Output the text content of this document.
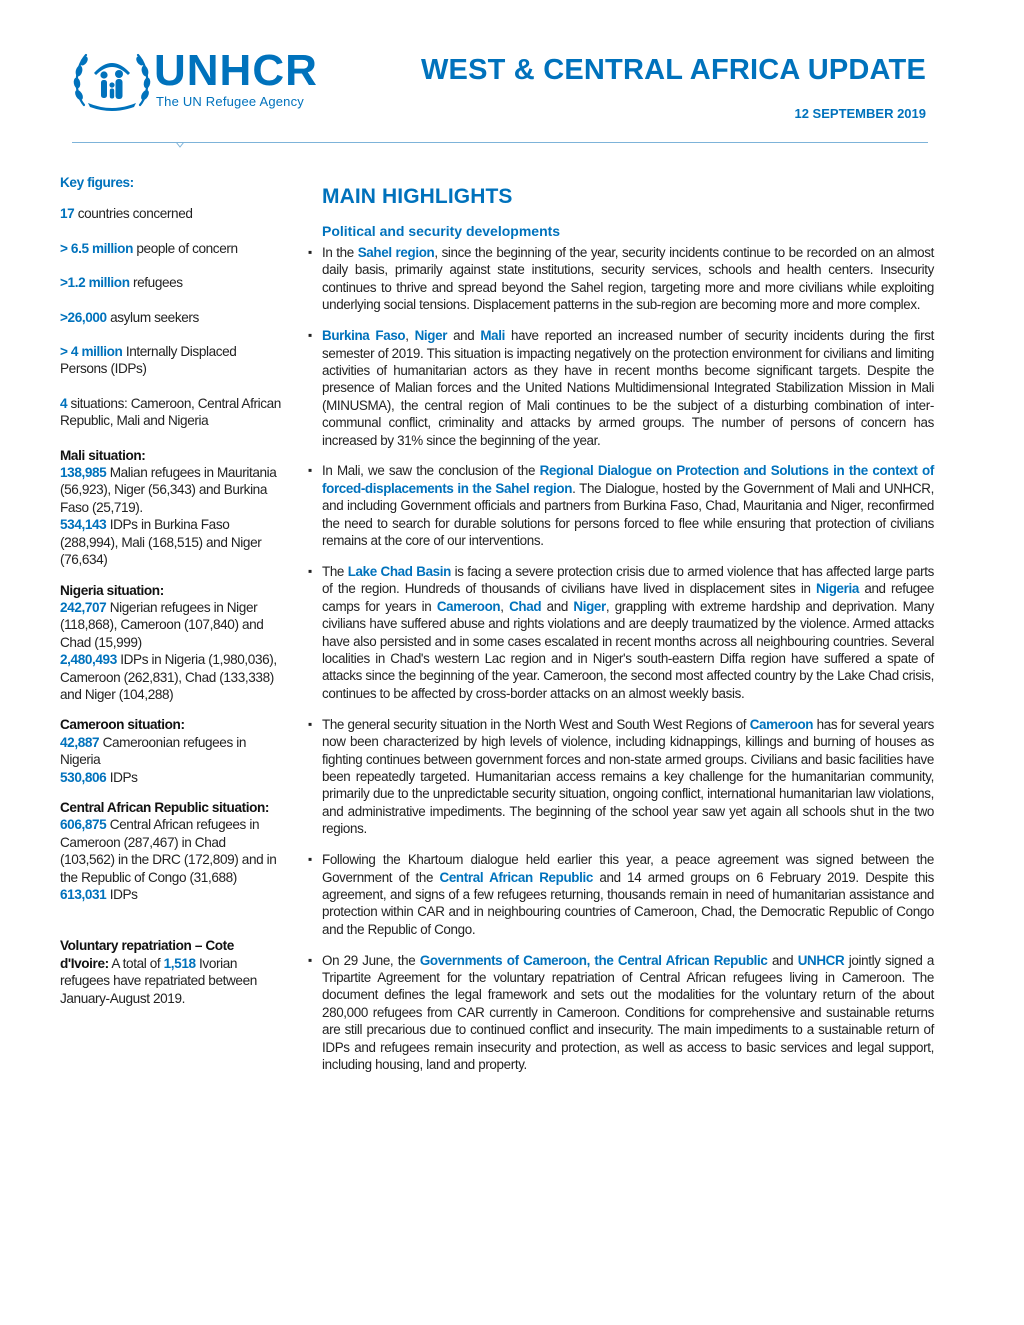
UNHCR
The UN Refugee Agency
WEST & CENTRAL AFRICA UPDATE
12 SEPTEMBER 2019
Key figures:
17 countries concerned
> 6.5 million people of concern
>1.2 million refugees
>26,000 asylum seekers
> 4 million Internally Displaced Persons (IDPs)
4 situations: Cameroon, Central African Republic, Mali and Nigeria
Mali situation:
138,985 Malian refugees in Mauritania (56,923), Niger (56,343) and Burkina Faso (25,719).
534,143 IDPs in Burkina Faso (288,994), Mali (168,515) and Niger (76,634)
Nigeria situation:
242,707 Nigerian refugees in Niger (118,868), Cameroon (107,840) and Chad (15,999)
2,480,493 IDPs in Nigeria (1,980,036), Cameroon (262,831), Chad (133,338) and Niger (104,288)
Cameroon situation:
42,887 Cameroonian refugees in Nigeria
530,806 IDPs
Central African Republic situation:
606,875 Central African refugees in Cameroon (287,467) in Chad (103,562) in the DRC (172,809) and in the Republic of Congo (31,688)
613,031 IDPs
Voluntary repatriation – Cote d'Ivoire: A total of 1,518 Ivorian refugees have repatriated between January-August 2019.
MAIN HIGHLIGHTS
Political and security developments
▪ In the Sahel region, since the beginning of the year, security incidents continue to be recorded on an almost daily basis, primarily against state institutions, security services, schools and health centers. Insecurity continues to thrive and spread beyond the Sahel region, targeting more and more civilians while exploiting underlying social tensions. Displacement patterns in the sub-region are becoming more and more complex.
▪ Burkina Faso, Niger and Mali have reported an increased number of security incidents during the first semester of 2019. This situation is impacting negatively on the protection environment for civilians and limiting activities of humanitarian actors as they have in recent months become significant targets. Despite the presence of Malian forces and the United Nations Multidimensional Integrated Stabilization Mission in Mali (MINUSMA), the central region of Mali continues to be the subject of a disturbing combination of inter-communal conflict, criminality and attacks by armed groups. The number of persons of concern has increased by 31% since the beginning of the year.
▪ In Mali, we saw the conclusion of the Regional Dialogue on Protection and Solutions in the context of forced-displacements in the Sahel region. The Dialogue, hosted by the Government of Mali and UNHCR, and including Government officials and partners from Burkina Faso, Chad, Mauritania and Niger, reconfirmed the need to search for durable solutions for persons forced to flee while ensuring that protection of civilians remains at the core of our interventions.
▪ The Lake Chad Basin is facing a severe protection crisis due to armed violence that has affected large parts of the region. Hundreds of thousands of civilians have lived in displacement sites in Nigeria and refugee camps for years in Cameroon, Chad and Niger, grappling with extreme hardship and deprivation. Many civilians have suffered abuse and rights violations and are deeply traumatized by the violence. Armed attacks have also persisted and in some cases escalated in recent months across all neighbouring countries. Several localities in Chad's western Lac region and in Niger's south-eastern Diffa region have suffered a spate of attacks since the beginning of the year. Cameroon, the second most affected country by the Lake Chad crisis, continues to be affected by cross-border attacks on an almost weekly basis.
▪ The general security situation in the North West and South West Regions of Cameroon has for several years now been characterized by high levels of violence, including kidnappings, killings and burning of houses as fighting continues between government forces and non-state armed groups. Civilians and basic facilities have been repeatedly targeted. Humanitarian access remains a key challenge for the humanitarian community, primarily due to the unpredictable security situation, ongoing conflict, international humanitarian law violations, and administrative impediments. The beginning of the school year saw yet again all schools shut in the two regions.
▪ Following the Khartoum dialogue held earlier this year, a peace agreement was signed between the Government of the Central African Republic and 14 armed groups on 6 February 2019. Despite this agreement, and signs of a few refugees returning, thousands remain in need of humanitarian assistance and protection within CAR and in neighbouring countries of Cameroon, Chad, the Democratic Republic of Congo and the Republic of Congo.
▪ On 29 June, the Governments of Cameroon, the Central African Republic and UNHCR jointly signed a Tripartite Agreement for the voluntary repatriation of Central African refugees living in Cameroon. The document defines the legal framework and sets out the modalities for the voluntary return of the about 280,000 refugees from CAR currently in Cameroon. Conditions for comprehensive and sustainable returns are still precarious due to continued conflict and insecurity. The main impediments to a sustainable return of IDPs and refugees remain insecurity and protection, as well as access to basic services and legal support, including housing, land and property.
